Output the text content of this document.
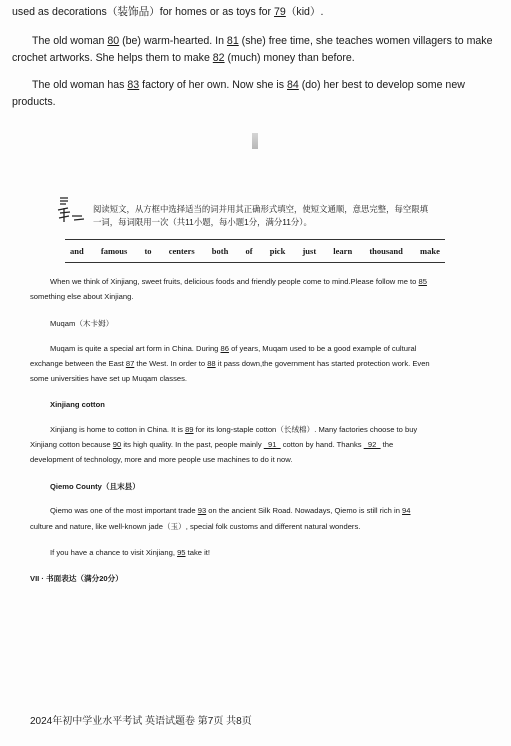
used as decorations（装饰品）for homes or as toys for 79（kid）.

The old woman 80 (be) warm-hearted. In 81 (she) free time, she teaches women villagers to make

crochet artworks. She helps them to make 82 (much) money than before.

The old woman has 83 factory of her own. Now she is 84 (do) her best to develop some new

products.

阅读短文，从方框中选择适当的词并用其正确形式填空，使短文通顺，意思完整，每空限填

一词，每词限用一次（共11小题，每小题1分，满分11分）。

and famous to centers both of pick just learn thousand make

When we think of Xinjiang, sweet fruits, delicious foods and friendly people come to mind.Please follow me to 85

something else about Xinjiang.

Muqam（木卡姆）

Muqam is quite a special art form in China. During 86 of years, Muqam used to be a good example of cultural

exchange between the East 87 the West. In order to 88 it pass down,the government has started protection work. Even

some universities have set up Muqam classes.

Xinjiang cotton

Xinjiang is home to cotton in China. It is 89 for its long-staple cotton（长绒棉）. Many factories choose to buy

Xinjiang cotton because 90 its high quality. In the past, people mainly   91   cotton by hand. Thanks   92   the

development of technology, more and more people use machines to do it now.

Qiemo County（且末县）

Qiemo was one of the most important trade 93 on the ancient Silk Road. Nowadays, Qiemo is still rich in 94

culture and nature, like well-known jade（玉）, special folk customs and different natural wonders.

If you have a chance to visit Xinjiang, 95 take it!

VII · 书面表达（满分20分）

2024年初中学业水平考试 英语试题卷 第7页 共8页
